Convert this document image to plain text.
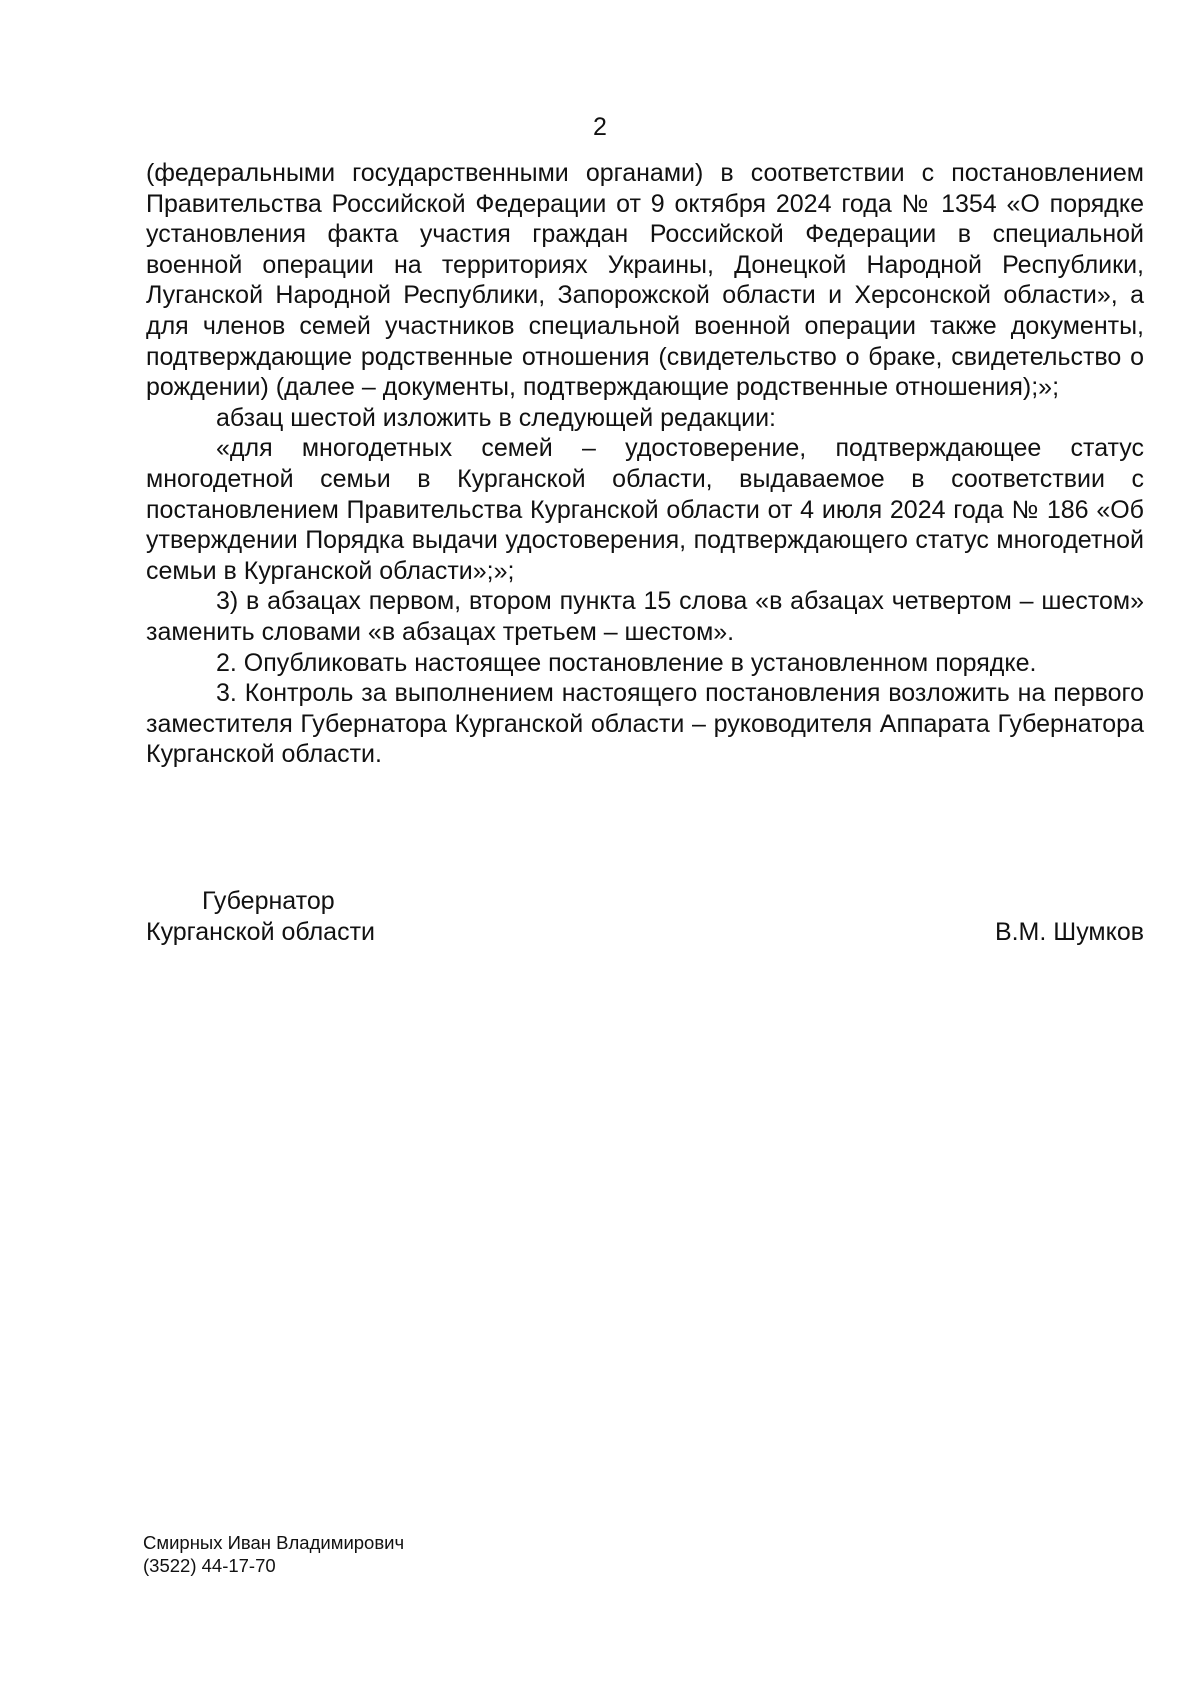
2

(федеральными государственными органами) в соответствии с постановлением Правительства Российской Федерации от 9 октября 2024 года № 1354 «О порядке установления факта участия граждан Российской Федерации в специальной военной операции на территориях Украины, Донецкой Народной Республики, Луганской Народной Республики, Запорожской области и Херсонской области», а для членов семей участников специальной военной операции также документы, подтверждающие родственные отношения (свидетельство о браке, свидетельство о рождении) (далее – документы, подтверждающие родственные отношения);»;

абзац шестой изложить в следующей редакции:

«для многодетных семей – удостоверение, подтверждающее статус многодетной семьи в Курганской области, выдаваемое в соответствии с постановлением Правительства Курганской области от 4 июля 2024 года № 186 «Об утверждении Порядка выдачи удостоверения, подтверждающего статус многодетной семьи в Курганской области»;»;

3) в абзацах первом, втором пункта 15 слова «в абзацах четвертом – шестом» заменить словами «в абзацах третьем – шестом».

2. Опубликовать настоящее постановление в установленном порядке.

3. Контроль за выполнением настоящего постановления возложить на первого заместителя Губернатора Курганской области – руководителя Аппарата Губернатора Курганской области.

Губернатор
Курганской области	В.М. Шумков
Смирных Иван Владимирович
(3522) 44-17-70
